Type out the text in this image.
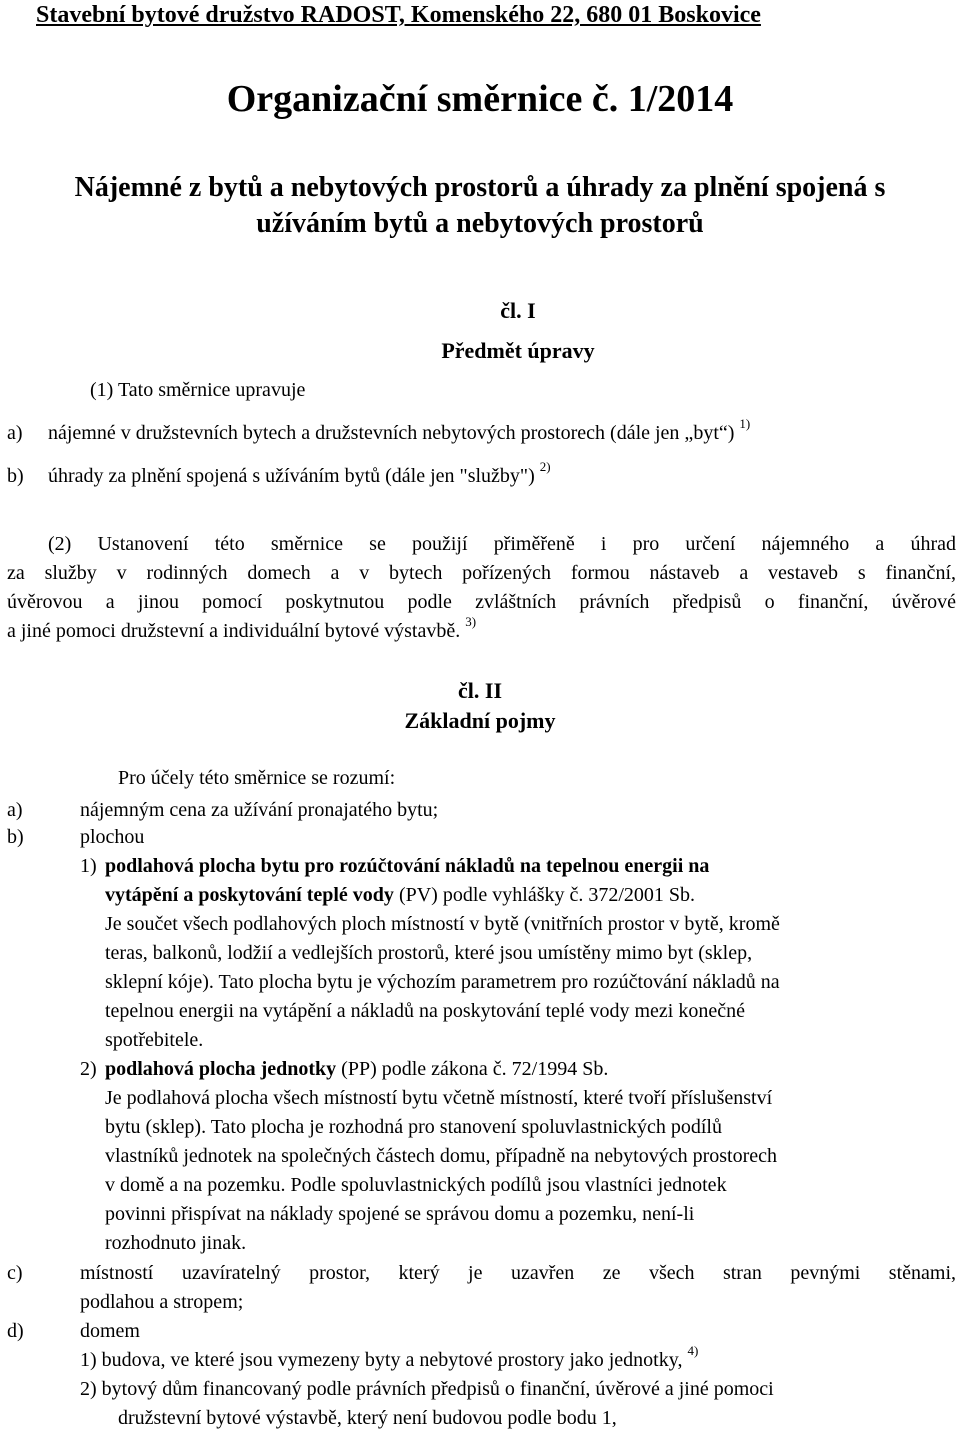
Stavební bytové družstvo RADOST, Komenského 22, 680 01 Boskovice
Organizační směrnice č. 1/2014
Nájemné z bytů a nebytových prostorů a úhrady za plnění spojená s
užíváním bytů a nebytových prostorů
čl. I
Předmět úpravy
(1) Tato směrnice upravuje
a) nájemné v družstevních bytech a družstevních nebytových prostorech (dále jen „byt“) $^{1)}$
b) úhrady za plnění spojená s užíváním bytů (dále jen "služby") $^{2)}$
(2) Ustanovení této směrnice se použijí přiměřeně i pro určení nájemného a úhrad
za služby v rodinných domech a v bytech pořízených formou nástaveb a vestaveb s finanční,
úvěrovou a jinou pomocí poskytnutou podle zvláštních právních předpisů o finanční, úvěrové
a jiné pomoci družstevní a individuální bytové výstavbě. $^{3)}$
čl. II
Základní pojmy
Pro účely této směrnice se rozumí:
a)	nájemným cena za užívání pronajatého bytu;
b)	plochou
1) podlahová plocha bytu pro rozúčtování nákladů na tepelnou energii na
vytápění a poskytování teplé vody (PV) podle vyhlášky č. 372/2001 Sb.
Je součet všech podlahových ploch místností v bytě (vnitřních prostor v bytě, kromě
teras, balkonů, lodžií a vedlejších prostorů, které jsou umístěny mimo byt (sklep,
sklepní kóje). Tato plocha bytu je výchozím parametrem pro rozúčtování nákladů na
tepelnou energii na vytápění a nákladů na poskytování teplé vody mezi konečné
spotřebitele.
2) podlahová plocha jednotky (PP) podle zákona č. 72/1994 Sb.
Je podlahová plocha všech místností bytu včetně místností, které tvoří příslušenství
bytu (sklep). Tato plocha je rozhodná pro stanovení spoluvlastnických podílů
vlastníků jednotek na společných částech domu, případně na nebytových prostorech
v domě a na pozemku. Podle spoluvlastnických podílů jsou vlastníci jednotek
povinni přispívat na náklady spojené se správou domu a pozemku, není-li
rozhodnuto jinak.
c)	místností uzavíratelný prostor, který je uzavřen ze všech stran pevnými stěnami,
podlahou a stropem;
d)	domem
1) budova, ve které jsou vymezeny byty a nebytové prostory jako jednotky, $^{4)}$
2) bytový dům financovaný podle právních předpisů o finanční, úvěrové a jiné pomoci
družstevní bytové výstavbě, který není budovou podle bodu 1,
